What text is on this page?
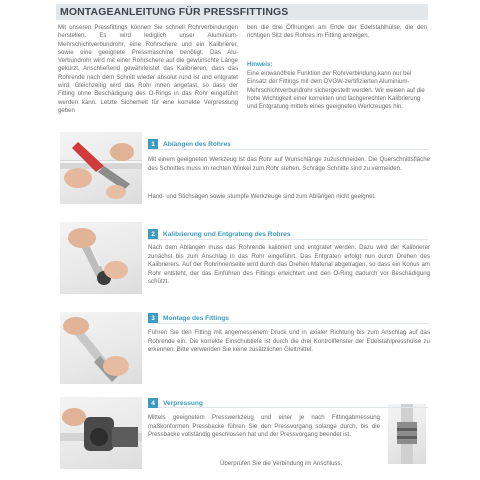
MONTAGEANLEITUNG FÜR PRESSFITTINGS
Mit unseren Pressfittings können Sie schnell Rohrverbindungen herstellen. Es wird lediglich unser Aluminium-Mehrschichtverbundrohr, eine Rohrschere und ein Kalibrierer, sowie eine geeignete Pressmaschine benötigt. Das Alu-Verbundrohr wird mit einer Rohrschere auf die gewünschte Länge gekürzt. Anschließend gewährleistet das Kalibrieren, dass das Rohrende nach dem Schnitt wieder absolut rund ist und entgratet wird. Gleichzeitig wird das Rohr innen angefast, so dass der Fitting ohne Beschädigung des O-Rings in das Rohr eingeführt werden kann. Letzte Sicherheit für eine korrekte Verpressung geben
ben die drei Öffnungen am Ende der Edelstahlhülse, die den richtigen Sitz des Rohres im Fitting anzeigen.
Hinweis:
Eine einwandfreie Funktion der Rohrverbindung kann nur bei Einsatz der Fittings mit dem DVGW-zertifizierten Aluminium-Mehrschichtverbundrohr sichergestellt werden. Wir weisen auf die hohe Wichtigkeit einer korrekten und fachgerechten Kalibrierung und Entgratung mittels eines geeigneten Werkzeuges hin.
1	Ablängen des Rohres
Mit einem geeigneten Werkzeug ist das Rohr auf Wunschlänge zuzuschneiden. Die Querschnittsfläche des Schnittes muss im rechten Winkel zum Rohr stehen. Schräge Schnitte sind zu vermeiden.
Hand- und Stichsägen sowie stumpfe Werkzeuge sind zum Ablängen nicht geeignet.
2	Kalibrierung und Entgratung des Rohres
Nach dem Ablängen muss das Rohrende kalibriert und entgratet werden. Dazu wird der Kalibrierer zunächst bis zum Anschlag in das Rohr eingeführt. Das Entgraten erfolgt nun durch Drehen des Kalibrierers. Auf der Rohrinnenseite wird durch das Drehen Material abgetragen, so dass ein Konus am Rohr entsteht, der das Einführen des Fittings erleichtert und den O-Ring dadurch vor Beschädigung schützt.
3	Montage des Fittings
Führen Sie den Fitting mit angemessenem Druck und in axialer Richtung bis zum Anschlag auf das Rohrende ein. Die korrekte Einschubtiefe ist durch die drei Kontrollfenster der Edelstahlpresshülse zu erkennen. Bitte verwenden Sie keine zusätzlichen Gleitmittel.
4	Verpressung
Mittels geeignetem Presswerkzeug und einer je nach Fittingabmessung maßkonformen Pressbacke führen Sie den Pressvorgang solange durch, bis die Pressbacke vollständig geschlossen hat und der Pressvorgang beendet ist.
Überprüfen Sie die Verbindung im Anschluss.
